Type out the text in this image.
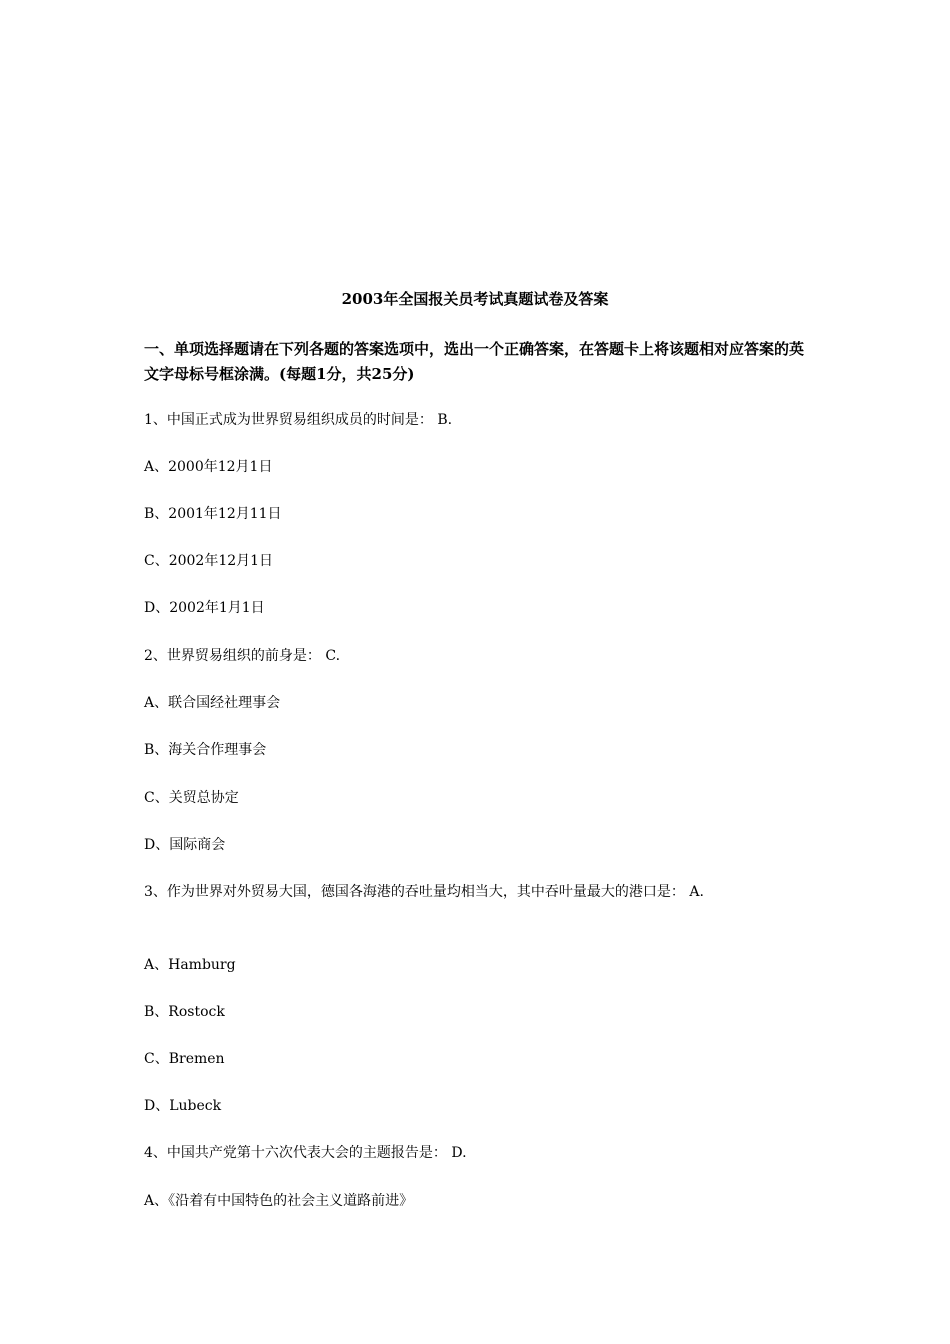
2003年全国报关员考试真题试卷及答案
一、单项选择题请在下列各题的答案选项中，选出一个正确答案，在答题卡上将该题相对应答案的英文字母标号框涂满。(每题1分，共25分)
1、中国正式成为世界贸易组织成员的时间是： B.
A、2000年12月1日
B、2001年12月11日
C、2002年12月1日
D、2002年1月1日
2、世界贸易组织的前身是： C.
A、联合国经社理事会
B、海关合作理事会
C、关贸总协定
D、国际商会
3、作为世界对外贸易大国，德国各海港的吞吐量均相当大，其中吞叶量最大的港口是： A.
A、Hamburg
B、Rostock
C、Bremen
D、Lubeck
4、中国共产党第十六次代表大会的主题报告是： D.
A、《沿着有中国特色的社会主义道路前进》
